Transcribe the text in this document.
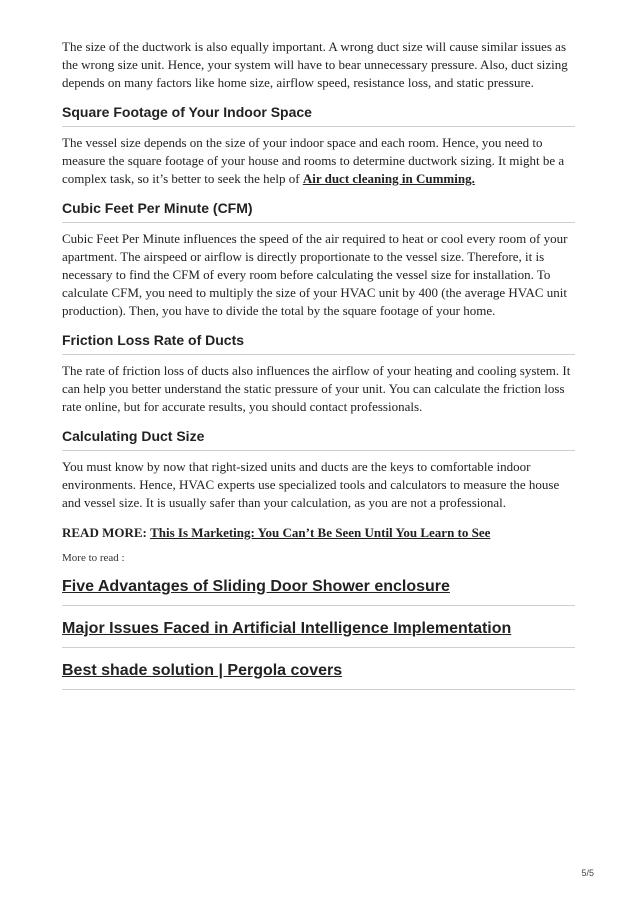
The size of the ductwork is also equally important. A wrong duct size will cause similar issues as the wrong size unit. Hence, your system will have to bear unnecessary pressure. Also, duct sizing depends on many factors like home size, airflow speed, resistance loss, and static pressure.

Square Footage of Your Indoor Space

The vessel size depends on the size of your indoor space and each room. Hence, you need to measure the square footage of your house and rooms to determine ductwork sizing. It might be a complex task, so it’s better to seek the help of Air duct cleaning in Cumming.

Cubic Feet Per Minute (CFM)

Cubic Feet Per Minute influences the speed of the air required to heat or cool every room of your apartment. The airspeed or airflow is directly proportionate to the vessel size. Therefore, it is necessary to find the CFM of every room before calculating the vessel size for installation. To calculate CFM, you need to multiply the size of your HVAC unit by 400 (the average HVAC unit production). Then, you have to divide the total by the square footage of your home.

Friction Loss Rate of Ducts

The rate of friction loss of ducts also influences the airflow of your heating and cooling system. It can help you better understand the static pressure of your unit. You can calculate the friction loss rate online, but for accurate results, you should contact professionals.

Calculating Duct Size

You must know by now that right-sized units and ducts are the keys to comfortable indoor environments. Hence, HVAC experts use specialized tools and calculators to measure the house and vessel size. It is usually safer than your calculation, as you are not a professional.

READ MORE: This Is Marketing: You Can’t Be Seen Until You Learn to See

More to read :

Five Advantages of Sliding Door Shower enclosure
Major Issues Faced in Artificial Intelligence Implementation
Best shade solution | Pergola covers
5/5
